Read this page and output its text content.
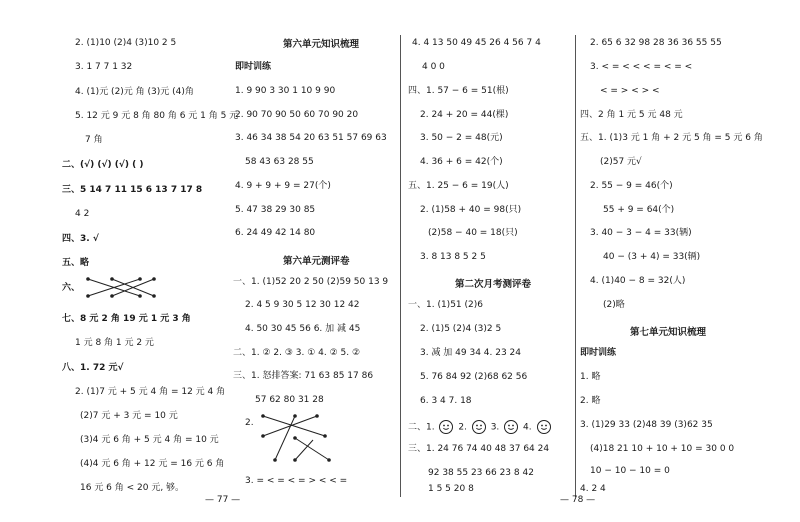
2. (1)10 (2)4 (3)10 2 5
3. 1 7 7 1 32
4. (1)元 (2)元 角 (3)元 (4)角
5. 12 元 9 元 8 角 80 角 6 元 1 角 5 元
7 角
二、(√) (√) (√) ( )
三、5 14 7 11 15 6 13 7 17 8
4 2
四、3. √
五、略
六、
七、8 元 2 角 19 元 1 元 3 角
1 元 8 角 1 元 2 元
八、1. 72 元√
2. (1)7 元 + 5 元 4 角 = 12 元 4 角
(2)7 元 + 3 元 = 10 元
(3)4 元 6 角 + 5 元 4 角 = 10 元
(4)4 元 6 角 + 12 元 = 16 元 6 角
16 元 6 角 < 20 元, 够。
第六单元知识梳理
即时训练
1. 9 90 3 30 1 10 9 90
2. 90 70 90 50 60 70 90 20
3. 46 34 38 54 20 63 51 57 69 63
58 43 63 28 55
4. 9 + 9 + 9 = 27(个)
5. 47 38 29 30 85
6. 24 49 42 14 80
第六单元测评卷
一、1. (1)52 20 2 50 (2)59 50 13 9
2. 4 5 9 30 5 12 30 12 42
4. 50 30 45 56 6. 加 减 45
二、1. ② 2. ③ 3. ① 4. ② 5. ②
三、1. 怒排答案: 71 63 85 17 86
57 62 80 31 28
2.
3. = < = < = > < < =
4. 4 13 50 49 45 26 4 56 7 4
4 0 0
四、1. 57 − 6 = 51(根)
2. 24 + 20 = 44(棵)
3. 50 − 2 = 48(元)
4. 36 + 6 = 42(个)
五、1. 25 − 6 = 19(人)
2. (1)58 + 40 = 98(只)
(2)58 − 40 = 18(只)
3. 8 13 8 5 2 5
第二次月考测评卷
一、1. (1)51 (2)6
2. (1)5 (2)4 (3)2 5
3. 减 加 49 34 4. 23 24
5. 76 84 92 (2)68 62 56
6. 3 4 7. 18
二、1.	2.	3.	4.
三、1. 24 76 74 40 48 37 64 24
92 38 55 23 66 23 8 42
1 5 5 20 8
2. 65 6 32 98 28 36 36 55 55
3. < = < < < = < = <
< = > < > <
四、2 角 1 元 5 元 48 元
五、1. (1)3 元 1 角 + 2 元 5 角 = 5 元 6 角
(2)57 元√
2. 55 − 9 = 46(个)
55 + 9 = 64(个)
3. 40 − 3 − 4 = 33(辆)
40 − (3 + 4) = 33(辆)
4. (1)40 − 8 = 32(人)
(2)略
第七单元知识梳理
即时训练
1. 略
2. 略
3. (1)29 33 (2)48 39 (3)62 35
(4)18 21 10 + 10 + 10 = 30 0 0
10 − 10 − 10 = 0
4. 2 4
— 77 —	— 78 —
